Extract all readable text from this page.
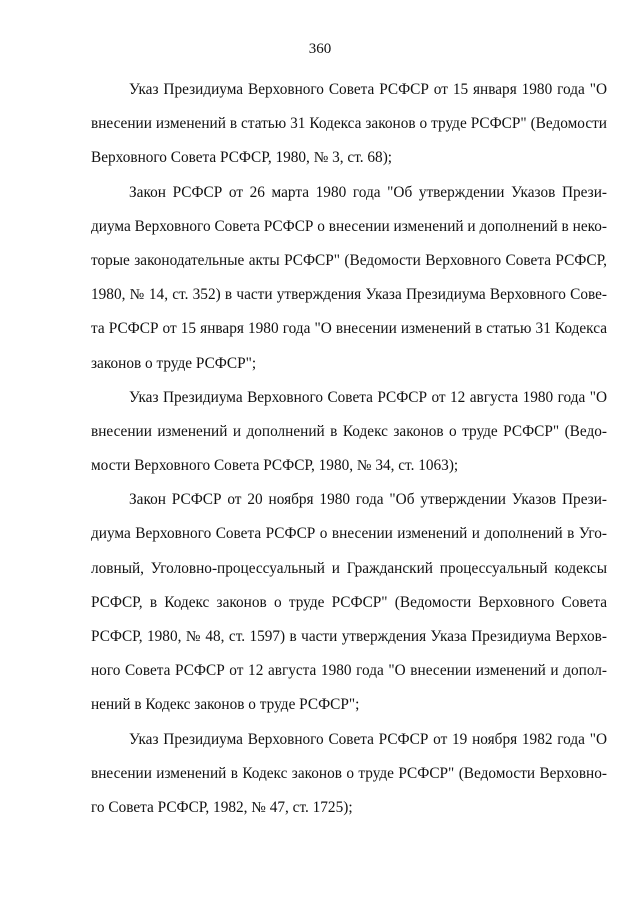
360
Указ Президиума Верховного Совета РСФСР от 15 января 1980 года "О
внесении изменений в статью 31 Кодекса законов о труде РСФСР" (Ведомости
Верховного Совета РСФСР, 1980, № 3, ст. 68);
Закон РСФСР от 26 марта 1980 года "Об утверждении Указов Прези-
диума Верховного Совета РСФСР о внесении изменений и дополнений в неко-
торые законодательные акты РСФСР" (Ведомости Верховного Совета РСФСР,
1980, № 14, ст. 352) в части утверждения Указа Президиума Верховного Сове-
та РСФСР от 15 января 1980 года "О внесении изменений в статью 31 Кодекса
законов о труде РСФСР";
Указ Президиума Верховного Совета РСФСР от 12 августа 1980 года "О
внесении изменений и дополнений в Кодекс законов о труде РСФСР" (Ведо-
мости Верховного Совета РСФСР, 1980, № 34, ст. 1063);
Закон РСФСР от 20 ноября 1980 года "Об утверждении Указов Прези-
диума Верховного Совета РСФСР о внесении изменений и дополнений в Уго-
ловный, Уголовно-процессуальный и Гражданский процессуальный кодексы
РСФСР, в Кодекс законов о труде РСФСР" (Ведомости Верховного Совета
РСФСР, 1980, № 48, ст. 1597) в части утверждения Указа Президиума Верхов-
ного Совета РСФСР от 12 августа 1980 года "О внесении изменений и допол-
нений в Кодекс законов о труде РСФСР";
Указ Президиума Верховного Совета РСФСР от 19 ноября 1982 года "О
внесении изменений в Кодекс законов о труде РСФСР" (Ведомости Верховно-
го Совета РСФСР, 1982, № 47, ст. 1725);
